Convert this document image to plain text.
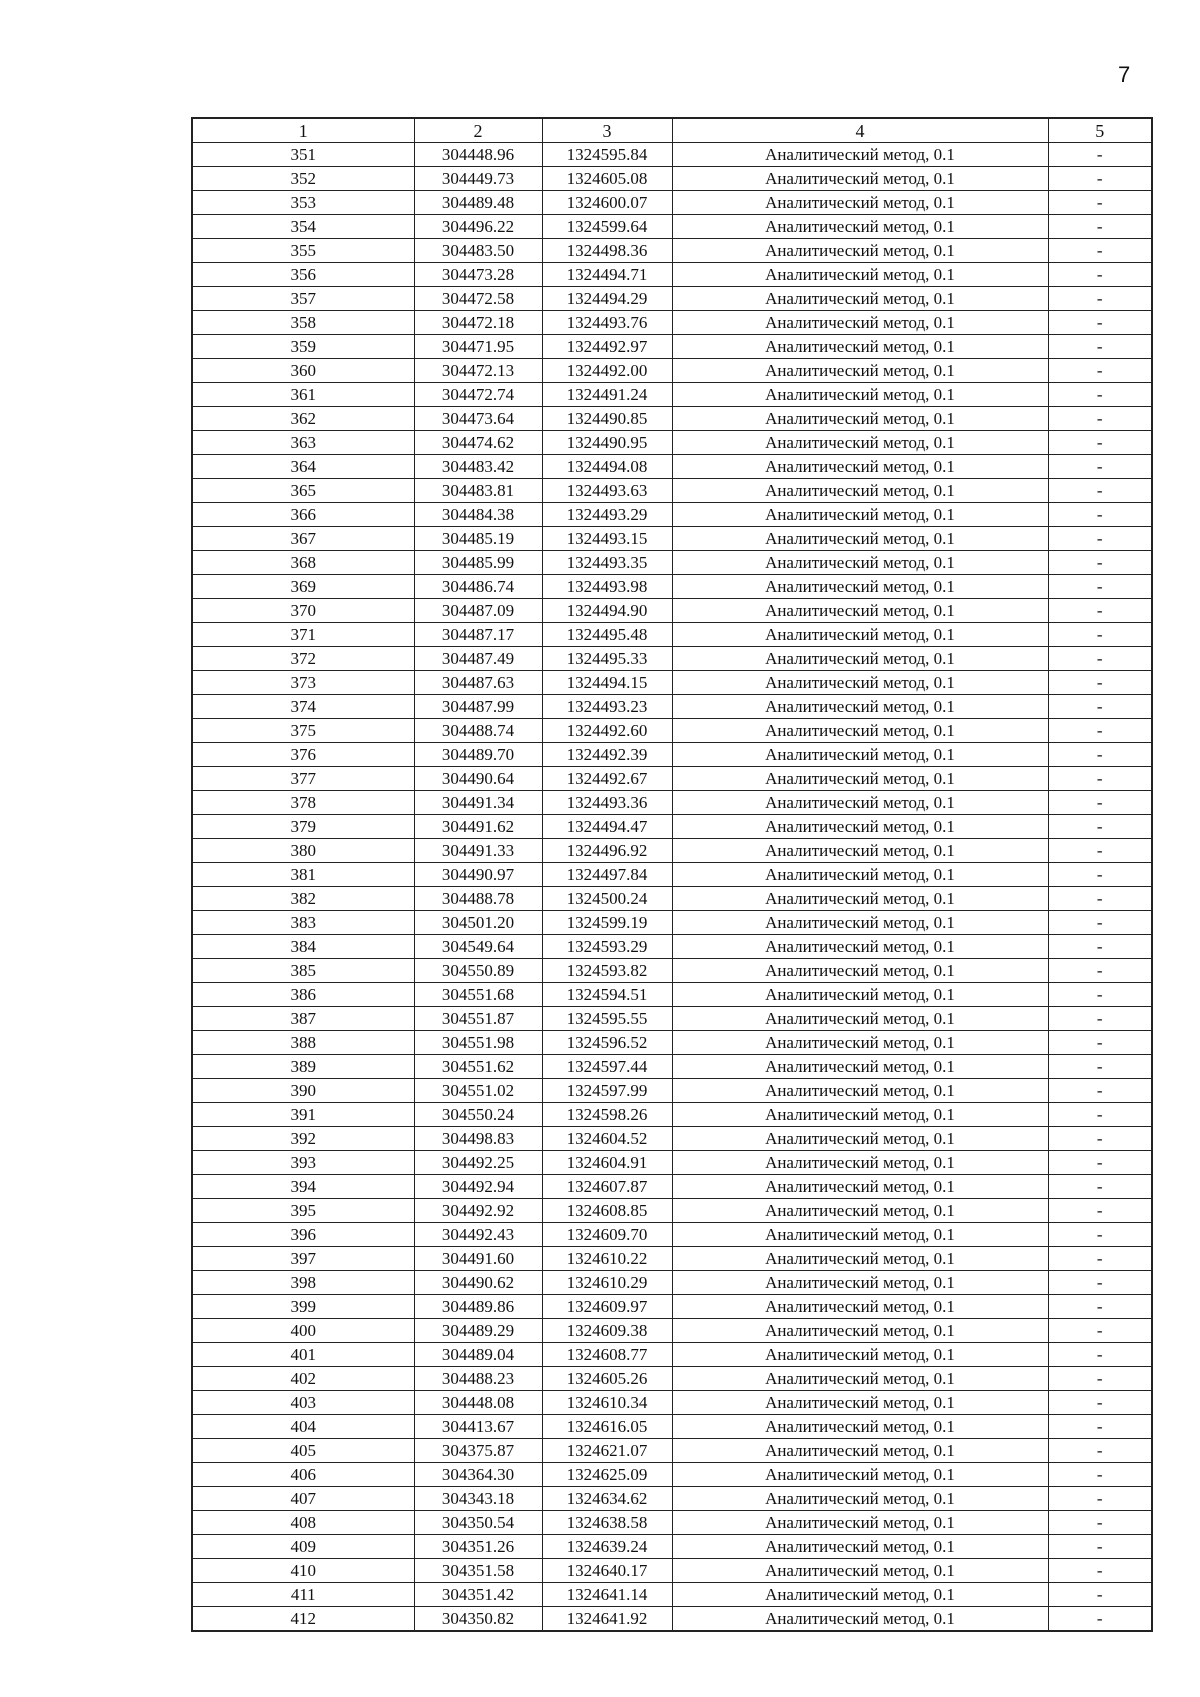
7
1	2	3	4	5
351	304448.96	1324595.84	Аналитический метод, 0.1	-
352	304449.73	1324605.08	Аналитический метод, 0.1	-
353	304489.48	1324600.07	Аналитический метод, 0.1	-
354	304496.22	1324599.64	Аналитический метод, 0.1	-
355	304483.50	1324498.36	Аналитический метод, 0.1	-
356	304473.28	1324494.71	Аналитический метод, 0.1	-
357	304472.58	1324494.29	Аналитический метод, 0.1	-
358	304472.18	1324493.76	Аналитический метод, 0.1	-
359	304471.95	1324492.97	Аналитический метод, 0.1	-
360	304472.13	1324492.00	Аналитический метод, 0.1	-
361	304472.74	1324491.24	Аналитический метод, 0.1	-
362	304473.64	1324490.85	Аналитический метод, 0.1	-
363	304474.62	1324490.95	Аналитический метод, 0.1	-
364	304483.42	1324494.08	Аналитический метод, 0.1	-
365	304483.81	1324493.63	Аналитический метод, 0.1	-
366	304484.38	1324493.29	Аналитический метод, 0.1	-
367	304485.19	1324493.15	Аналитический метод, 0.1	-
368	304485.99	1324493.35	Аналитический метод, 0.1	-
369	304486.74	1324493.98	Аналитический метод, 0.1	-
370	304487.09	1324494.90	Аналитический метод, 0.1	-
371	304487.17	1324495.48	Аналитический метод, 0.1	-
372	304487.49	1324495.33	Аналитический метод, 0.1	-
373	304487.63	1324494.15	Аналитический метод, 0.1	-
374	304487.99	1324493.23	Аналитический метод, 0.1	-
375	304488.74	1324492.60	Аналитический метод, 0.1	-
376	304489.70	1324492.39	Аналитический метод, 0.1	-
377	304490.64	1324492.67	Аналитический метод, 0.1	-
378	304491.34	1324493.36	Аналитический метод, 0.1	-
379	304491.62	1324494.47	Аналитический метод, 0.1	-
380	304491.33	1324496.92	Аналитический метод, 0.1	-
381	304490.97	1324497.84	Аналитический метод, 0.1	-
382	304488.78	1324500.24	Аналитический метод, 0.1	-
383	304501.20	1324599.19	Аналитический метод, 0.1	-
384	304549.64	1324593.29	Аналитический метод, 0.1	-
385	304550.89	1324593.82	Аналитический метод, 0.1	-
386	304551.68	1324594.51	Аналитический метод, 0.1	-
387	304551.87	1324595.55	Аналитический метод, 0.1	-
388	304551.98	1324596.52	Аналитический метод, 0.1	-
389	304551.62	1324597.44	Аналитический метод, 0.1	-
390	304551.02	1324597.99	Аналитический метод, 0.1	-
391	304550.24	1324598.26	Аналитический метод, 0.1	-
392	304498.83	1324604.52	Аналитический метод, 0.1	-
393	304492.25	1324604.91	Аналитический метод, 0.1	-
394	304492.94	1324607.87	Аналитический метод, 0.1	-
395	304492.92	1324608.85	Аналитический метод, 0.1	-
396	304492.43	1324609.70	Аналитический метод, 0.1	-
397	304491.60	1324610.22	Аналитический метод, 0.1	-
398	304490.62	1324610.29	Аналитический метод, 0.1	-
399	304489.86	1324609.97	Аналитический метод, 0.1	-
400	304489.29	1324609.38	Аналитический метод, 0.1	-
401	304489.04	1324608.77	Аналитический метод, 0.1	-
402	304488.23	1324605.26	Аналитический метод, 0.1	-
403	304448.08	1324610.34	Аналитический метод, 0.1	-
404	304413.67	1324616.05	Аналитический метод, 0.1	-
405	304375.87	1324621.07	Аналитический метод, 0.1	-
406	304364.30	1324625.09	Аналитический метод, 0.1	-
407	304343.18	1324634.62	Аналитический метод, 0.1	-
408	304350.54	1324638.58	Аналитический метод, 0.1	-
409	304351.26	1324639.24	Аналитический метод, 0.1	-
410	304351.58	1324640.17	Аналитический метод, 0.1	-
411	304351.42	1324641.14	Аналитический метод, 0.1	-
412	304350.82	1324641.92	Аналитический метод, 0.1	-
